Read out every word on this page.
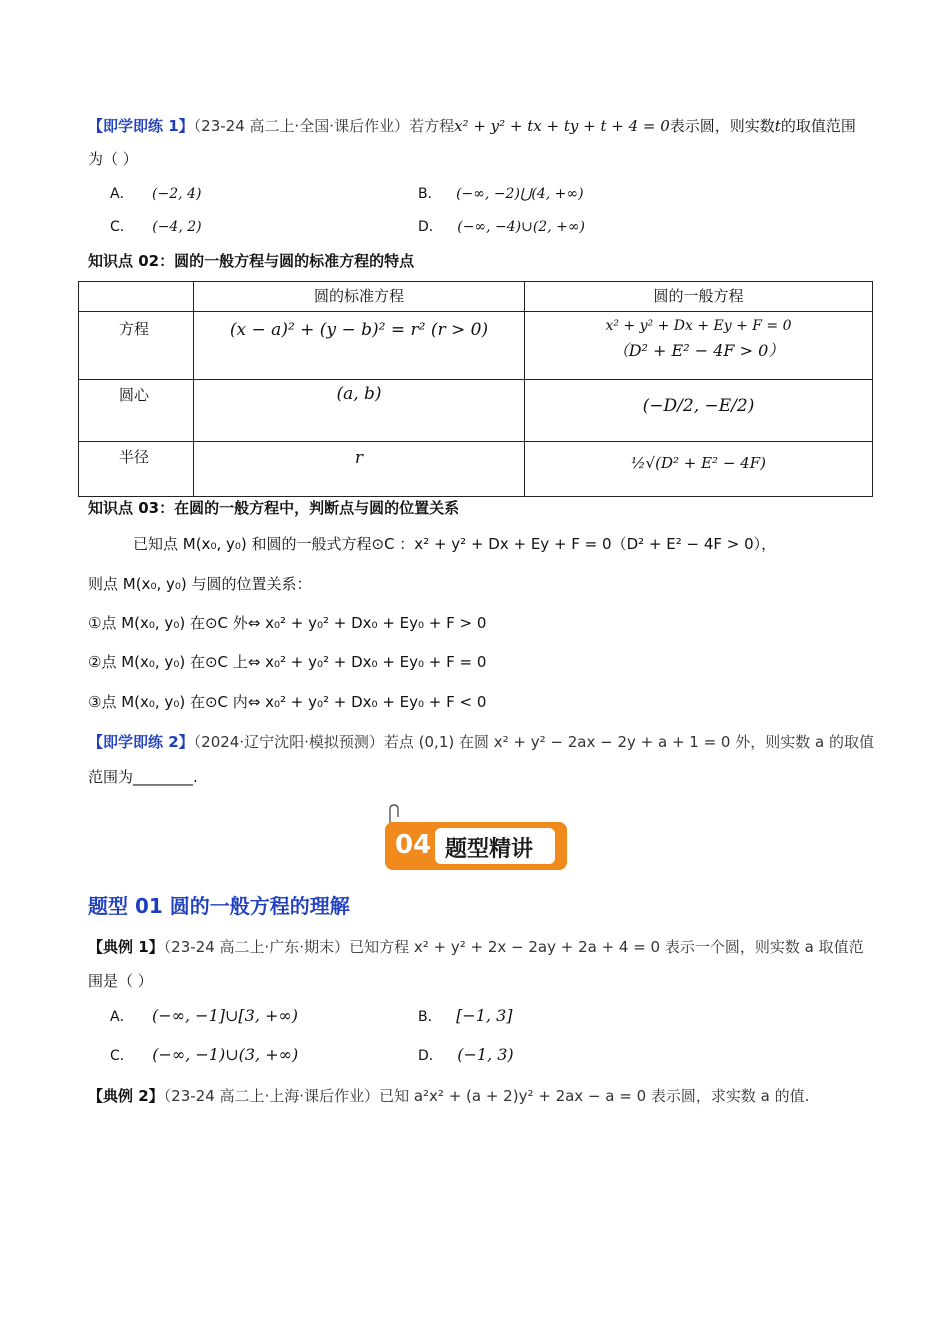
【即学即练 1】（23-24 高二上·全国·课后作业）若方程x² + y² + tx + ty + t + 4 = 0表示圆，则实数t的取值范围
为（ ）
A． (−2, 4)	B． (−∞, −2)⋃(4, +∞)
C． (−4, 2)	D． (−∞, −4)∪(2, +∞)
知识点 02：圆的一般方程与圆的标准方程的特点
	圆的标准方程	圆的一般方程
方程	(x − a)² + (y − b)² = r² (r > 0)	x² + y² + Dx + Ey + F = 0
（D² + E² − 4F > 0）

圆心	(a, b)	(−D/2, −E/2)
半径	r	½√(D² + E² − 4F)
知识点 03：在圆的一般方程中，判断点与圆的位置关系
已知点 M(x₀, y₀) 和圆的一般式方程⊙C ：x² + y² + Dx + Ey + F = 0（D² + E² − 4F > 0），
则点 M(x₀, y₀) 与圆的位置关系：
①点 M(x₀, y₀) 在⊙C 外⇔ x₀² + y₀² + Dx₀ + Ey₀ + F > 0
②点 M(x₀, y₀) 在⊙C 上⇔ x₀² + y₀² + Dx₀ + Ey₀ + F = 0
③点 M(x₀, y₀) 在⊙C 内⇔ x₀² + y₀² + Dx₀ + Ey₀ + F < 0
【即学即练 2】（2024·辽宁沈阳·模拟预测）若点 (0,1) 在圆 x² + y² − 2ax − 2y + a + 1 = 0 外，则实数 a 的取值
范围为________.
04 题型精讲
题型 01 圆的一般方程的理解
【典例 1】（23-24 高二上·广东·期末）已知方程 x² + y² + 2x − 2ay + 2a + 4 = 0 表示一个圆，则实数 a 取值范
围是（ ）
A． (−∞, −1]∪[3, +∞)	B． [−1, 3]
C． (−∞, −1)∪(3, +∞)	D． (−1, 3)
【典例 2】（23-24 高二上·上海·课后作业）已知 a²x² + (a + 2)y² + 2ax − a = 0 表示圆，求实数 a 的值.
